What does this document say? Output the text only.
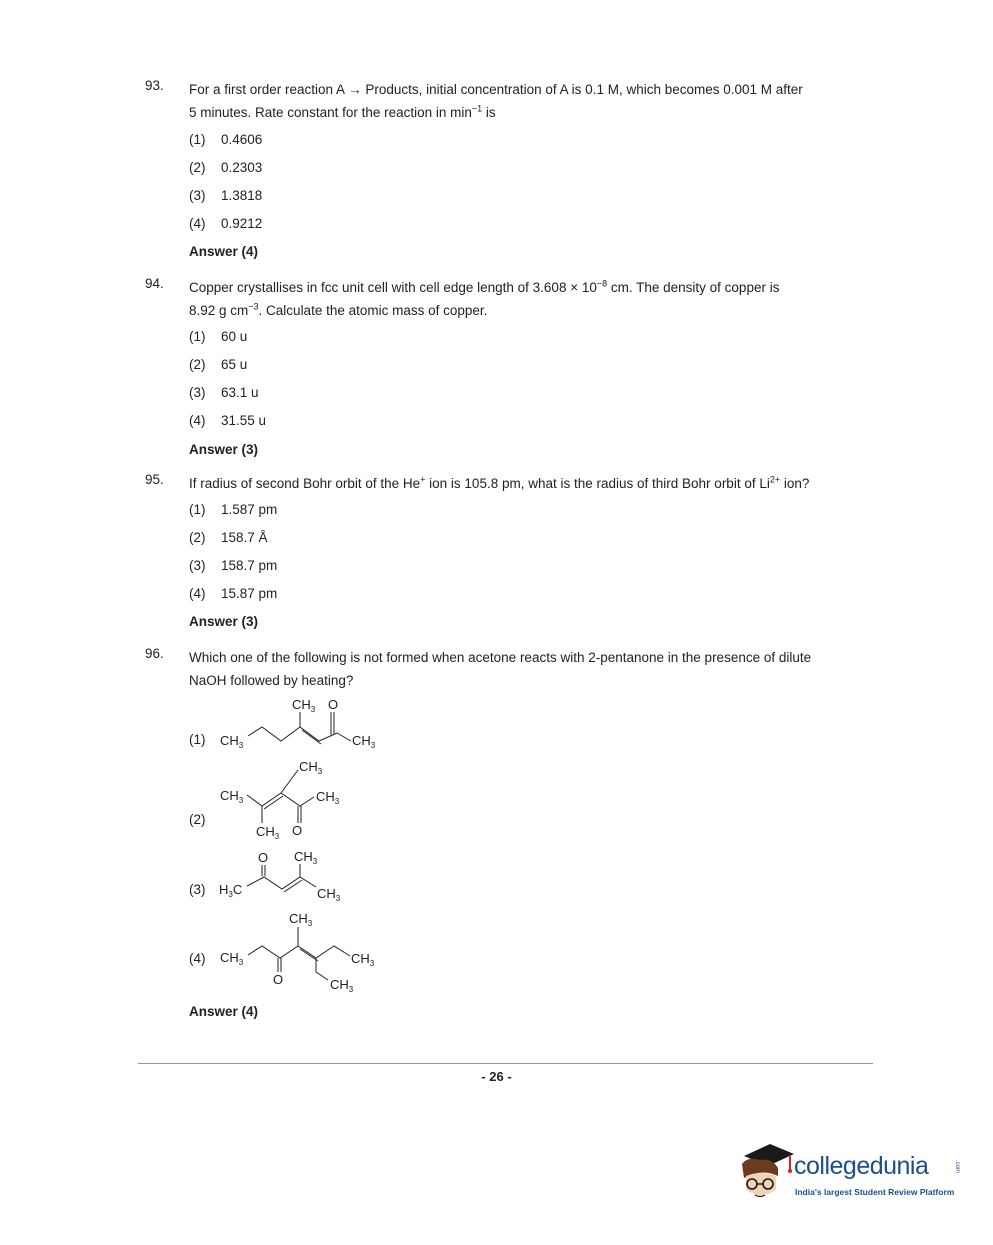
93. For a first order reaction A → Products, initial concentration of A is 0.1 M, which becomes 0.001 M after
5 minutes. Rate constant for the reaction in $\min^{-1}$ is
(1) 0.4606
(2) 0.2303
(3) 1.3818
(4) 0.9212
Answer (4)
94. Copper crystallises in fcc unit cell with cell edge length of $3.608 \times 10^{-8}$ cm. The density of copper is
8.92 g $cm^{-3}$. Calculate the atomic mass of copper.
(1) 60 u
(2) 65 u
(3) 63.1 u
(4) 31.55 u
Answer (3)
95. If radius of second Bohr orbit of the He+ ion is 105.8 pm, what is the radius of third Bohr orbit of $Li^{2+}$ ion?
(1) 1.587 pm
(2) 158.7 Å
(3) 158.7 pm
(4) 15.87 pm
Answer (3)
96. Which one of the following is not formed when acetone reacts with 2-pentanone in the presence of dilute
NaOH followed by heating?
(1)
(2)
(3)
(4)
Answer (4)
$CH_3$
$CH_3$ O
$CH_3$
$CH_3$
$CH_3$
$CH_3$
$CH_3$ O
$H_3C$
O $CH_3$
$CH_3$
$CH_3$
$CH_3$
O
$CH_3$
$CH_3$
- 26 -
collegedunia	.com
India's largest Student Review Platform
